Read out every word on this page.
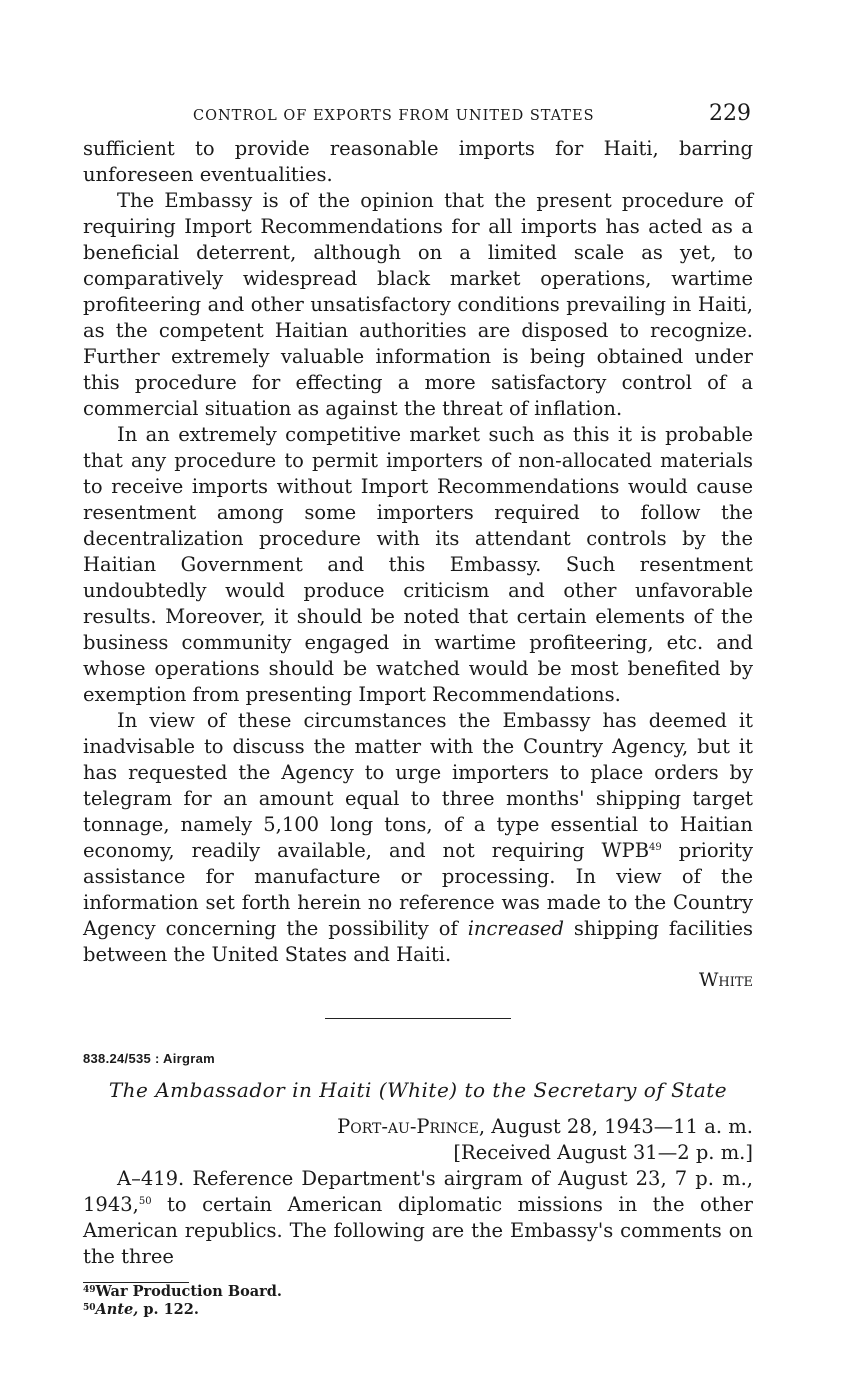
CONTROL OF EXPORTS FROM UNITED STATES	229

sufficient to provide reasonable imports for Haiti, barring unforeseen eventualities.

The Embassy is of the opinion that the present procedure of requiring Import Recommendations for all imports has acted as a beneficial deterrent, although on a limited scale as yet, to comparatively widespread black market operations, wartime profiteering and other unsatisfactory conditions prevailing in Haiti, as the competent Haitian authorities are disposed to recognize. Further extremely valuable information is being obtained under this procedure for effecting a more satisfactory control of a commercial situation as against the threat of inflation.

In an extremely competitive market such as this it is probable that any procedure to permit importers of non-allocated materials to receive imports without Import Recommendations would cause resentment among some importers required to follow the decentralization procedure with its attendant controls by the Haitian Government and this Embassy. Such resentment undoubtedly would produce criticism and other unfavorable results. Moreover, it should be noted that certain elements of the business community engaged in wartime profiteering, etc. and whose operations should be watched would be most benefited by exemption from presenting Import Recommendations.

In view of these circumstances the Embassy has deemed it inadvisable to discuss the matter with the Country Agency, but it has requested the Agency to urge importers to place orders by telegram for an amount equal to three months' shipping target tonnage, namely 5,100 long tons, of a type essential to Haitian economy, readily available, and not requiring WPB$^{49}$ priority assistance for manufacture or processing. In view of the information set forth herein no reference was made to the Country Agency concerning the possibility of increased shipping facilities between the United States and Haiti.

White
838.24/535 : Airgram
The Ambassador in Haiti (White) to the Secretary of State
Port-au-Prince, August 28, 1943—11 a. m.
[Received August 31—2 p. m.]

A–419. Reference Department's airgram of August 23, 7 p. m., 1943,50 to certain American diplomatic missions in the other American republics. The following are the Embassy's comments on the three

$^{49}$War Production Board.

$^{50}$Ante, p. 122.
